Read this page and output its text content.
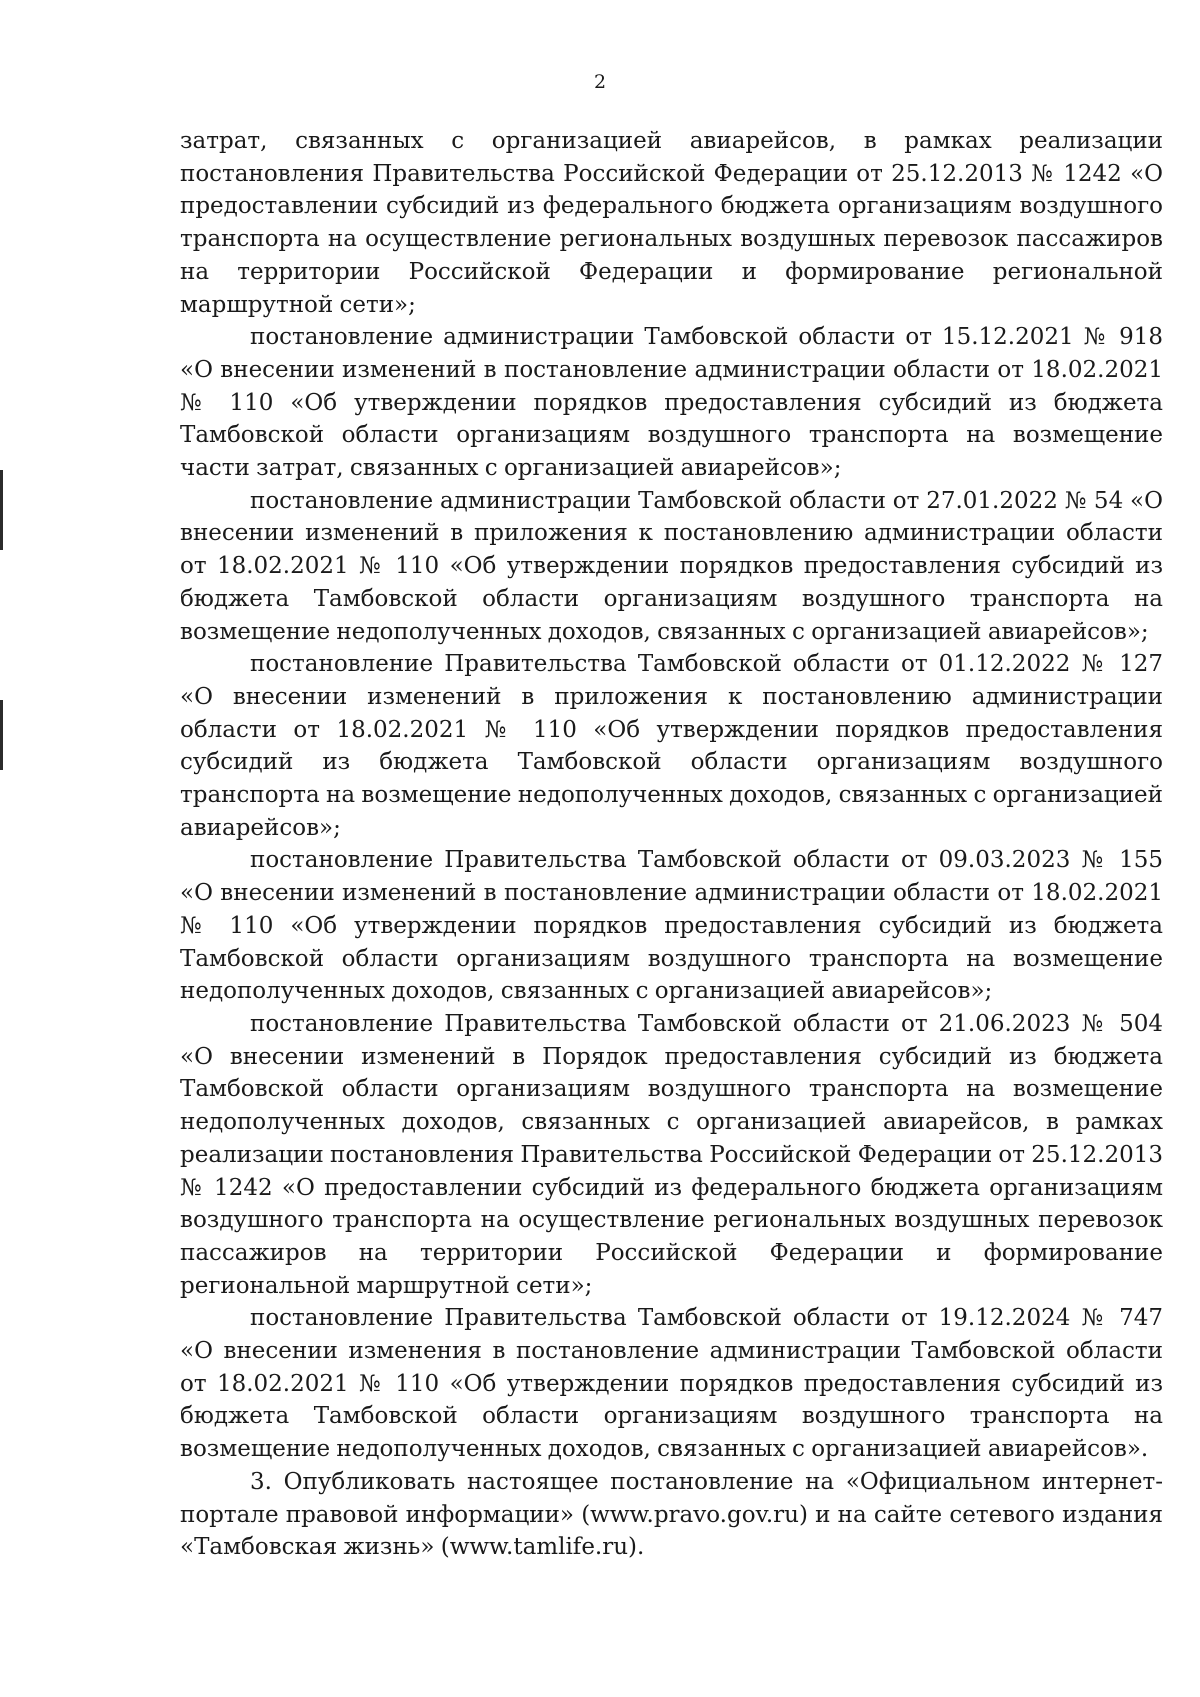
2

затрат, связанных с организацией авиарейсов, в рамках реализации постановления Правительства Российской Федерации от 25.12.2013 № 1242 «О предоставлении субсидий из федерального бюджета организациям воздушного транспорта на осуществление региональных воздушных перевозок пассажиров на территории Российской Федерации и формирование региональной маршрутной сети»;

постановление администрации Тамбовской области от 15.12.2021 № 918 «О внесении изменений в постановление администрации области от 18.02.2021 № 110 «Об утверждении порядков предоставления субсидий из бюджета Тамбовской области организациям воздушного транспорта на возмещение части затрат, связанных с организацией авиарейсов»;

постановление администрации Тамбовской области от 27.01.2022 № 54 «О внесении изменений в приложения к постановлению администрации области от 18.02.2021 № 110 «Об утверждении порядков предоставления субсидий из бюджета Тамбовской области организациям воздушного транспорта на возмещение недополученных доходов, связанных с организацией авиарейсов»;

постановление Правительства Тамбовской области от 01.12.2022 № 127 «О внесении изменений в приложения к постановлению администрации области от 18.02.2021 № 110 «Об утверждении порядков предоставления субсидий из бюджета Тамбовской области организациям воздушного транспорта на возмещение недополученных доходов, связанных с организацией авиарейсов»;

постановление Правительства Тамбовской области от 09.03.2023 № 155 «О внесении изменений в постановление администрации области от 18.02.2021 № 110 «Об утверждении порядков предоставления субсидий из бюджета Тамбовской области организациям воздушного транспорта на возмещение недополученных доходов, связанных с организацией авиарейсов»;

постановление Правительства Тамбовской области от 21.06.2023 № 504 «О внесении изменений в Порядок предоставления субсидий из бюджета Тамбовской области организациям воздушного транспорта на возмещение недополученных доходов, связанных с организацией авиарейсов, в рамках реализации постановления Правительства Российской Федерации от 25.12.2013 № 1242 «О предоставлении субсидий из федерального бюджета организациям воздушного транспорта на осуществление региональных воздушных перевозок пассажиров на территории Российской Федерации и формирование региональной маршрутной сети»;

постановление Правительства Тамбовской области от 19.12.2024 № 747 «О внесении изменения в постановление администрации Тамбовской области от 18.02.2021 № 110 «Об утверждении порядков предоставления субсидий из бюджета Тамбовской области организациям воздушного транспорта на возмещение недополученных доходов, связанных с организацией авиарейсов».

3. Опубликовать настоящее постановление на «Официальном интернет-портале правовой информации» (www.pravo.gov.ru) и на сайте сетевого издания «Тамбовская жизнь» (www.tamlife.ru).
